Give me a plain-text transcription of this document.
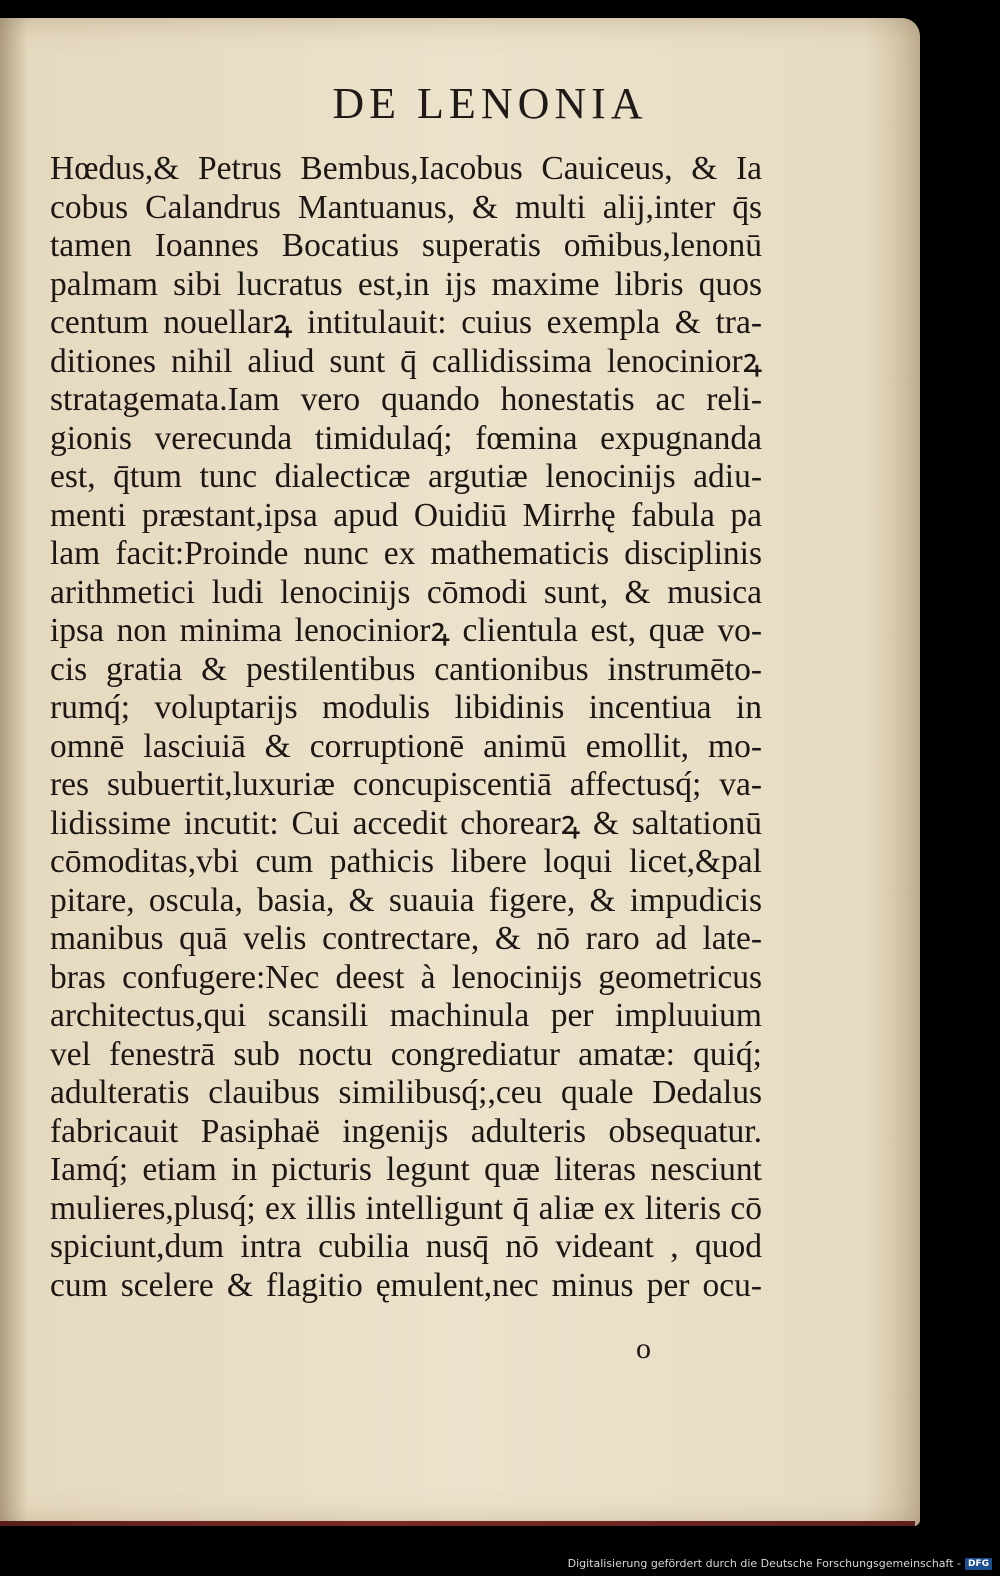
DE LENONIA
Hœdus,& Petrus Bembus,Iacobus Cauiceus, & Ia
cobus Calandrus Mantuanus, & multi alij,inter q̄s
tamen Ioannes Bocatius superatis om̄ibus,lenonū
palmam sibi lucratus est,in ijs maxime libris quos
centum nouellarꝝ intitulauit: cuius exempla & tra-
ditiones nihil aliud sunt q̄ callidissima lenociniorꝝ
stratagemata.Iam vero quando honestatis ac reli-
gionis verecunda timidulaq́; fœmina expugnanda
est, q̄tum tunc dialecticæ argutiæ lenocinijs adiu-
menti præstant,ipsa apud Ouidiū Mirrhę fabula pa
lam facit:Proinde nunc ex mathematicis disciplinis
arithmetici ludi lenocinijs cōmodi sunt, & musica
ipsa non minima lenociniorꝝ clientula est, quæ vo-
cis gratia & pestilentibus cantionibus instrumēto-
rumq́; voluptarijs modulis libidinis incentiua in
omnē lasciuiā & corruptionē animū emollit, mo-
res subuertit,luxuriæ concupiscentiā affectusq́; va-
lidissime incutit: Cui accedit chorearꝝ & saltationū
cōmoditas,vbi cum pathicis libere loqui licet,&pal
pitare, oscula, basia, & suauia figere, & impudicis
manibus quā velis contrectare, & nō raro ad late-
bras confugere:Nec deest à lenocinijs geometricus
architectus,qui scansili machinula per impluuium
vel fenestrā sub noctu congrediatur amatæ: quiq́;
adulteratis clauibus similibusq́;,ceu quale Dedalus
fabricauit Pasiphaë ingenijs adulteris obsequatur.
Iamq́; etiam in picturis legunt quæ literas nesciunt
mulieres,plusq́; ex illis intelligunt q̄ aliæ ex literis cō
spiciunt,dum intra cubilia nusq̄ nō videant , quod
cum scelere & flagitio ęmulent,nec minus per ocu-
o
Digitalisierung gefördert durch die Deutsche Forschungsgemeinschaft - DFG
